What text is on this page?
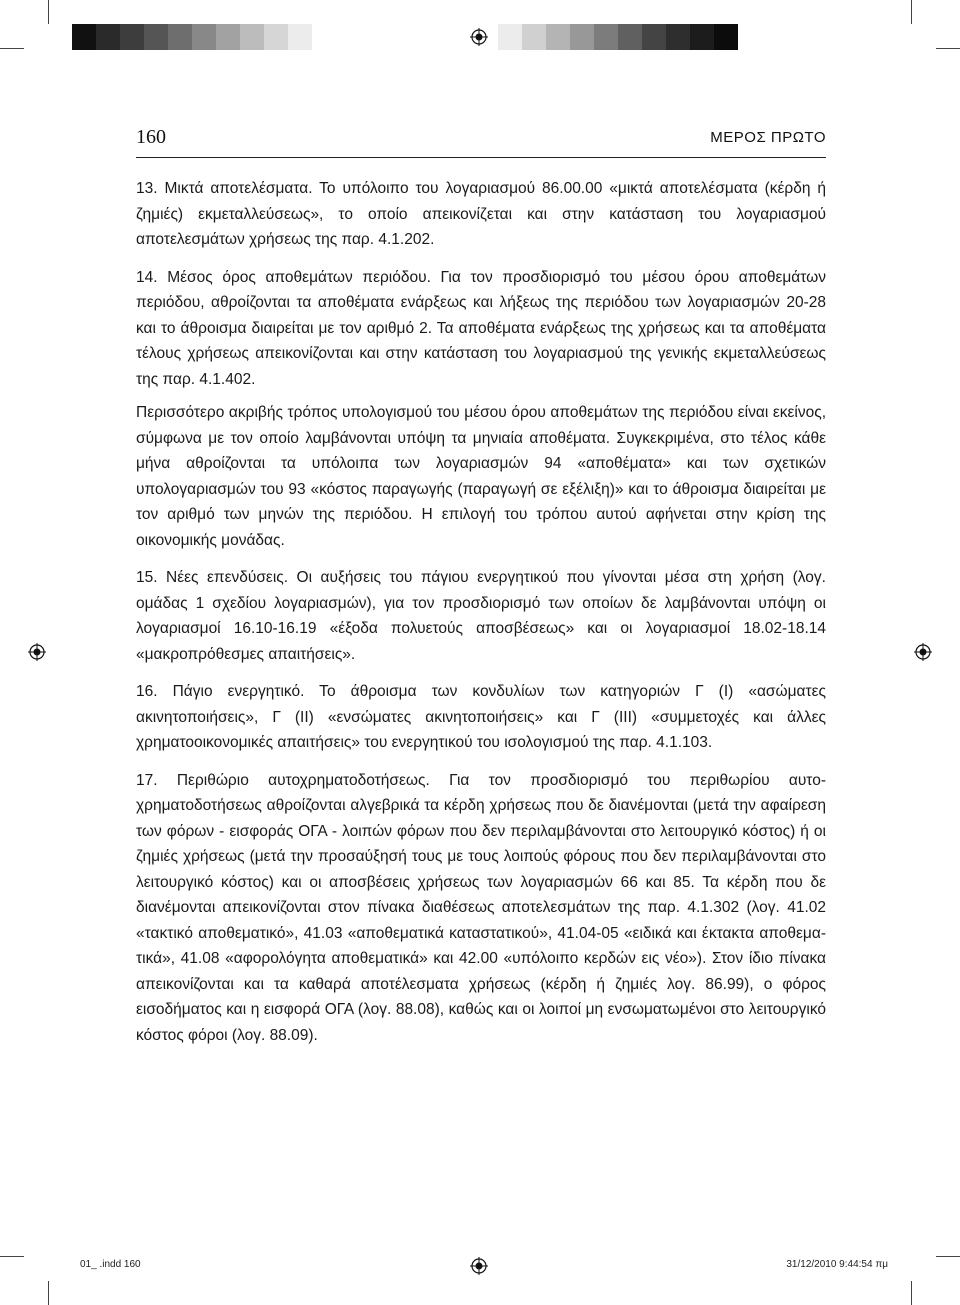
160	ΜΕΡΟΣ ΠΡΩΤΟ

13. Μικτά αποτελέσματα. Το υπόλοιπο του λογαριασμού 86.00.00 «μικτά αποτελέσματα (κέρδη ή ζημιές) εκμεταλλεύσεως», το οποίο απεικονίζεται και στην κατάσταση του λογαριασμού αποτελεσμάτων χρήσεως της παρ. 4.1.202.

14. Μέσος όρος αποθεμάτων περιόδου. Για τον προσδιορισμό του μέσου όρου αποθεμάτων περιόδου, αθροίζονται τα αποθέματα ενάρξεως και λήξεως της περιόδου των λογαριασμών 20-28 και το άθροισμα διαιρείται με τον αριθμό 2. Τα αποθέματα ενάρξεως της χρήσεως και τα αποθέματα τέλους χρήσεως απεικονίζονται και στην κατάσταση του λογαριασμού της γενικής εκμεταλλεύσεως της παρ. 4.1.402.

Περισσότερο ακριβής τρόπος υπολογισμού του μέσου όρου αποθεμάτων της περιόδου είναι εκείνος, σύμφωνα με τον οποίο λαμβάνονται υπόψη τα μηνιαία αποθέματα. Συγκεκριμένα, στο τέλος κάθε μήνα αθροίζονται τα υπόλοιπα των λογαριασμών 94 «αποθέματα» και των σχετικών υπολογαριασμών του 93 «κόστος παραγωγής (παραγωγή σε εξέλιξη)» και το άθροισμα διαιρείται με τον αριθμό των μηνών της περιόδου. Η επιλογή του τρόπου αυτού αφήνεται στην κρίση της οικονομικής μονάδας.

15. Νέες επενδύσεις. Οι αυξήσεις του πάγιου ενεργητικού που γίνονται μέσα στη χρήση (λογ. ομάδας 1 σχεδίου λογαριασμών), για τον προσδιορισμό των οποίων δε λαμβάνονται υπόψη οι λογαριασμοί 16.10-16.19 «έξοδα πολυετούς αποσβέσεως» και οι λογαριασμοί 18.02-18.14 «μακροπρόθεσμες απαιτήσεις».

16. Πάγιο ενεργητικό. Το άθροισμα των κονδυλίων των κατηγοριών Γ (Ι) «ασώματες ακινητοποιήσεις», Γ (ΙΙ) «ενσώματες ακινητοποιήσεις» και Γ (ΙΙΙ) «συμμετοχές και άλλες χρηματοοικονομικές απαιτήσεις» του ενεργητικού του ισολογισμού της παρ. 4.1.103.

17. Περιθώριο αυτοχρηματοδοτήσεως. Για τον προσδιορισμό του περιθωρίου αυτοχρηματοδοτήσεως αθροίζονται αλγεβρικά τα κέρδη χρήσεως που δε διανέμονται (μετά την αφαίρεση των φόρων - εισφοράς ΟΓΑ - λοιπών φόρων που δεν περιλαμβάνονται στο λειτουργικό κόστος) ή οι ζημιές χρήσεως (μετά την προσαύξησή τους με τους λοιπούς φόρους που δεν περιλαμβάνονται στο λειτουργικό κόστος) και οι αποσβέσεις χρήσεως των λογαριασμών 66 και 85. Τα κέρδη που δε διανέμονται απεικονίζονται στον πίνακα διαθέσεως αποτελεσμάτων της παρ. 4.1.302 (λογ. 41.02 «τακτικό αποθεματικό», 41.03 «αποθεματικά καταστατικού», 41.04-05 «ειδικά και έκτακτα αποθεματικά», 41.08 «αφορολόγητα αποθεματικά» και 42.00 «υπόλοιπο κερδών εις νέο»). Στον ίδιο πίνακα απεικονίζονται και τα καθαρά αποτέλεσματα χρήσεως (κέρδη ή ζημιές λογ. 86.99), ο φόρος εισοδήματος και η εισφορά ΟΓΑ (λογ. 88.08), καθώς και οι λοιποί μη ενσωματωμένοι στο λειτουργικό κόστος φόροι (λογ. 88.09).

01_ .indd 160	31/12/2010 9:44:54 πμ
